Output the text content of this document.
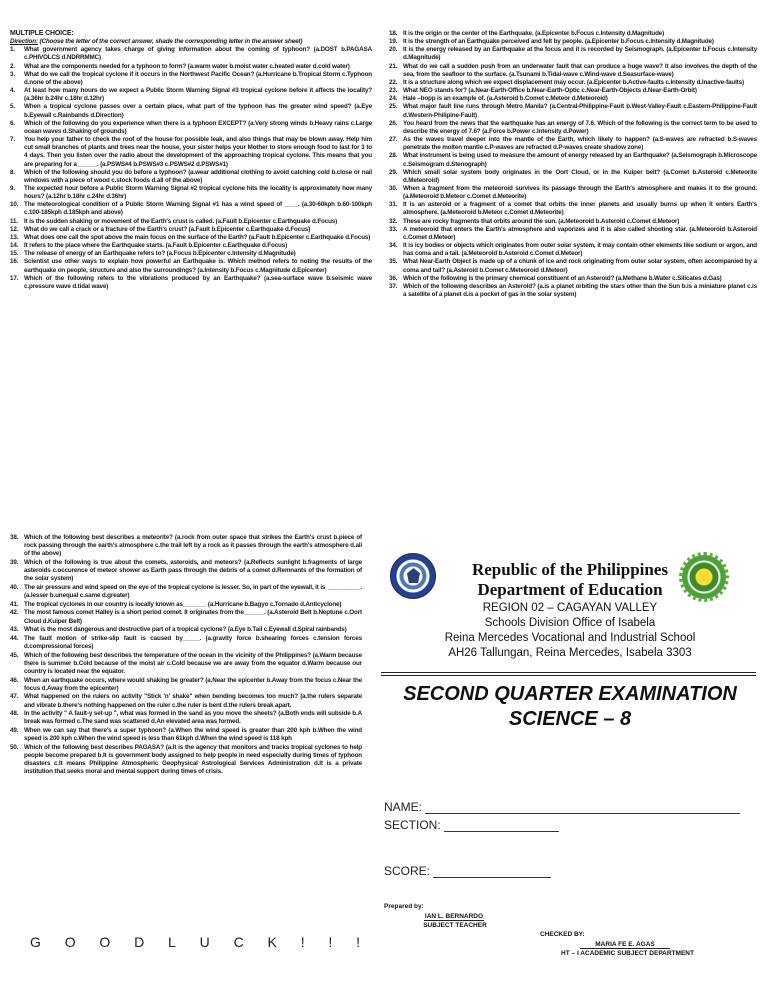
MULTIPLE CHOICE:
Direction: (Choose the letter of the correct answer, shade the corresponding letter in the answer sheet)
1.	What government agency takes charge of giving information about the coming of typhoon? (a.DOST b.PAGASA c.PHIVOLCS d.NDRRMMC)
2.	What are the components needed for a typhoon to form? (a.warm water b.moist water c.heated water d.cold water)
3.	What do we call the tropical cyclone if it occurs in the Northwest Pacific Ocean? (a.Hurricane b.Tropical Storm c.Typhoon d.none of the above)
4.	At least how many hours do we expect a Public Storm Warning Signal #3 tropical cyclone before it affects the locality? (a.36hr b.24hr c.18hr d.12hr)
5.	When a tropical cyclone passes over a certain place, what part of the typhoon has the greater wind speed? (a.Eye b.Eyewall c.Rainbands d.Direction)
6.	Which of the following do you experience when there is a typhoon EXCEPT? (a.Very strong winds b.Heavy rains c.Large ocean waves d.Shaking of grounds)
7.	You help your father to check the roof of the house for possible leak, and also things that may be blown away. Help him cut small branches of plants and trees near the house, your sister helps your Mother to store enough food to last for 3 to 4 days. Then you listen over the radio about the development of the approaching tropical cyclone. This means that you are preparing for a______. (a.PSWS#4 b.PSWS#3 c.PSWS#2 d.PSWS#1)
8.	Which of the following should you do before a typhoon? (a.wear additional clothing to avoid catching cold b.close or nail windows with a piece of wood c.stock foods d.all of the above)
9.	The expected hour before a Public Storm Warning Signal #2 tropical cyclone hits the locality is approximately how many hours? (a.12hr b.18hr c.24hr d.36hr)
10. The meteorological condition of a Public Storm Warning Signal #1 has a wind speed of ____. (a.30-60kph b.60-100kph c.100-185kph d.185kph and above)
11. It is the sudden shaking or movement of the Earth's crust is called. (a.Fault b.Epicenter c.Earthquake d.Focus)
12. What do we call a crack or a fracture of the Earth's crust? (a.Fault b.Epicenter c.Earthquake d.Focus)
13. What does one call the spot above the main focus on the surface of the Earth? (a.Fault b.Epicenter c.Earthquake d.Focus)
14. It refers to the place where the Earthquake starts. (a.Fault b.Epicenter c.Earthquake d.Focus)
15. The release of energy of an Earthquake refers to? (a.Focus b.Epicenter c.Intensity d.Magnitude)
16. Scientist use other ways to explain how powerful an Earthquake is. Which method refers to noting the results of the earthquake on people, structure and also the surroundings? (a.Intensity b.Focus c.Magnitude d.Epicenter)
17. Which of the following refers to the vibrations produced by an Earthquake? (a.sea-surface wave b.seismic wave c.pressure wave d.tidal wave)
18. It is the origin or the center of the Earthquake. (a.Epicenter b.Focus c.Intensity d.Magnitude)
19. It is the strength of an Earthquake perceived and felt by people. (a.Epicenter b.Focus c.Intensity d.Magnitude)
20. It is the energy released by an Earthquake at the focus and it is recorded by Seismograph. (a.Epicenter b.Focus c.Intensity d.Magnitude)
21. What do we call a sudden push from an underwater fault that can produce a huge wave? It also involves the depth of the sea, from the seafloor to the surface. (a.Tsunami b.Tidal-wave c.Wind-wave d.Seasurface-wave)
22. It is a structure along which we expect displacement may occur. (a.Epicenter b.Active-faults c.Intensity d.Inactive-faults)
23. What NEO stands for? (a.Near-Earth-Office b.Near-Earth-Optic c.Near-Earth-Objects d.Near-Earth-Orbit)
24. Hale –bopp is an example of. (a.Asteroid b.Comet c.Meteor d.Meteoroid)
25. What major fault line runs through Metro Manila? (a.Central-Philippine-Fault b.West-Valley-Fault c.Eastern-Philippine-Fault d.Western-Philipine-Fault)
26. You heard from the news that the earthquake has an energy of 7.6. Which of the following is the correct term to be used to describe the energy of 7.6? (a.Force b.Power c.Intensity d.Power)
27. As the waves travel deeper into the mantle of the Earth, which likely to happen? (a.S-waves are refracted b.S-waves penetrate the molten mantle c.P-waves are refracted d.P-waves create shadow zone)
28. What instrument is being used to measure the amount of energy released by an Earthquake? (a.Seismograph b.Microscope c.Seismogram d.Stenograph)
29. Which small solar system body originates in the Oort Cloud, or in the Kuiper belt? (a.Comet b.Asteroid c.Meteorite d.Meteoroid)
30. When a fragment from the meteoroid survives its passage through the Earth's atmosphere and makes it to the ground. (a.Meteoroid b.Meteor c.Comet d.Meteorite)
31. It is an asteroid or a fragment of a comet that orbits the inner planets and usually burns up when it enters Earth's atmosphere. (a.Meteoroid b.Meteor c.Comet d.Meteorite)
32. These are rocky fragments that orbits around the sun. (a.Meteoroid b.Asteroid c.Comet d.Meteor)
33. A meteoroid that enters the Earth's atmosphere and vaporizes and it is also called shooting star. (a.Meteoroid b.Asteroid c.Comet d.Meteor)
34. It is icy bodies or objects which originates from outer solar system, it may contain other elements like sodium or argon, and has coma and a tail. (a.Meteoroid b.Asteroid c.Comet d.Meteor)
35. What Near-Earth Object is made up of a chunk of ice and rock originating from outer solar system, often accompanied by a coma and tail? (a.Asteroid b.Comet c.Meteoroid d.Meteor)
36. Which of the following is the primary chemical constituent of an Asteroid? (a.Methane b.Water c.Silicates d.Gas)
37. Which of the following describes an Asteroid? (a.is a planet orbiting the stars other than the Sun b.is a miniature planet c.is a satellite of a planet d.is a pocket of gas in the solar system)
38. Which of the following best describes a meteorite? (a.rock from outer space that strikes the Earth's crust b.piece of rock passing through the earth's atmosphere c.the trail left by a rock as it passes through the earth's atmosphere d.all of the above)
39. Which of the following is true about the comets, asteroids, and meteors? (a.Reflects sunlight b.fragments of large asteroids c.occurence of meteor shower as Earth pass through the debris of a comet d.Remnants of the formation of the solar system)
40. The air pressure and wind speed on the eye of the tropical cyclone is lesser. So, in part of the eyewall, it is __________. (a.lesser b.unequal c.same d.greater)
41. The tropical cyclones in our country is locally known as_______ (a.Hurricane b.Bagyo c.Tornado d.Anticyclone)
42. The most famous comet Halley is a short period comet. It originates from the______. (a.Asteroid Belt b.Neptune c.Oort Cloud d.Kuiper Belt)
43. What is the most dangerous and destructive part of a tropical cyclone? (a.Eye b.Tail c.Eyewall d.Spiral rainbands)
44. The fault motion of strike-slip fault is caused by_____. (a.gravity force b.shearing forces c.tension forces d.compressional forces)
45. Which of the following best describes the temperature of the ocean in the vicinity of the Philippines? (a.Warm because there is summer b.Cold because of the moist air c.Cold because we are away from the equator d.Warm because our country is located near the equator.
46. When an earthquake occurs, where would shaking be greater? (a.Near the epicenter b.Away from the focus c.Near the focus d.Away from the epicenter)
47. What happened on the rulers on activity "Stick 'n' shake" when bending becomes too much? (a.the rulers separate and vibrate b.there's nothing happened on the ruler c.the ruler is bent d.the rulers break apart.
48. In the activity " A fault-y set-up ", what was formed in the sand as you move the sheets? (a.Both ends will subside b.A break was formed c.The sand was scattered d.An elevated area was formed.
49. When we can say that there's a super typhoon? (a.When the wind speed is greater than 200 kph b.When the wind speed is 200 kph c.When the wind speed is less than 61kph d.When the wind speed is 118 kph
50. Which of the following best describes PAGASA? (a.It is the agency that monitors and tracks tropical cyclones to help people become prepared b.It is government body assigned to help people in need especially during times of typhoon disasters c.It means Philippine Atmospheric Geophysical Astrological Services Administration d.It is a private institution that seeks moral and mental support during times of crisis.
G O O D L U C K ! ! !
Republic of the Philippines
Department of Education
REGION 02 – CAGAYAN VALLEY
Schools Division Office of Isabela
Reina Mercedes Vocational and Industrial School
AH26 Tallungan, Reina Mercedes, Isabela 3303
SECOND QUARTER EXAMINATION
SCIENCE – 8
NAME:
SECTION:
SCORE:
Prepared by:
IAN L. BERNARDO
SUBJECT TEACHER
CHECKED BY:
MARIA FE E. AGAS
HT – I ACADEMIC SUBJECT DEPARTMENT
